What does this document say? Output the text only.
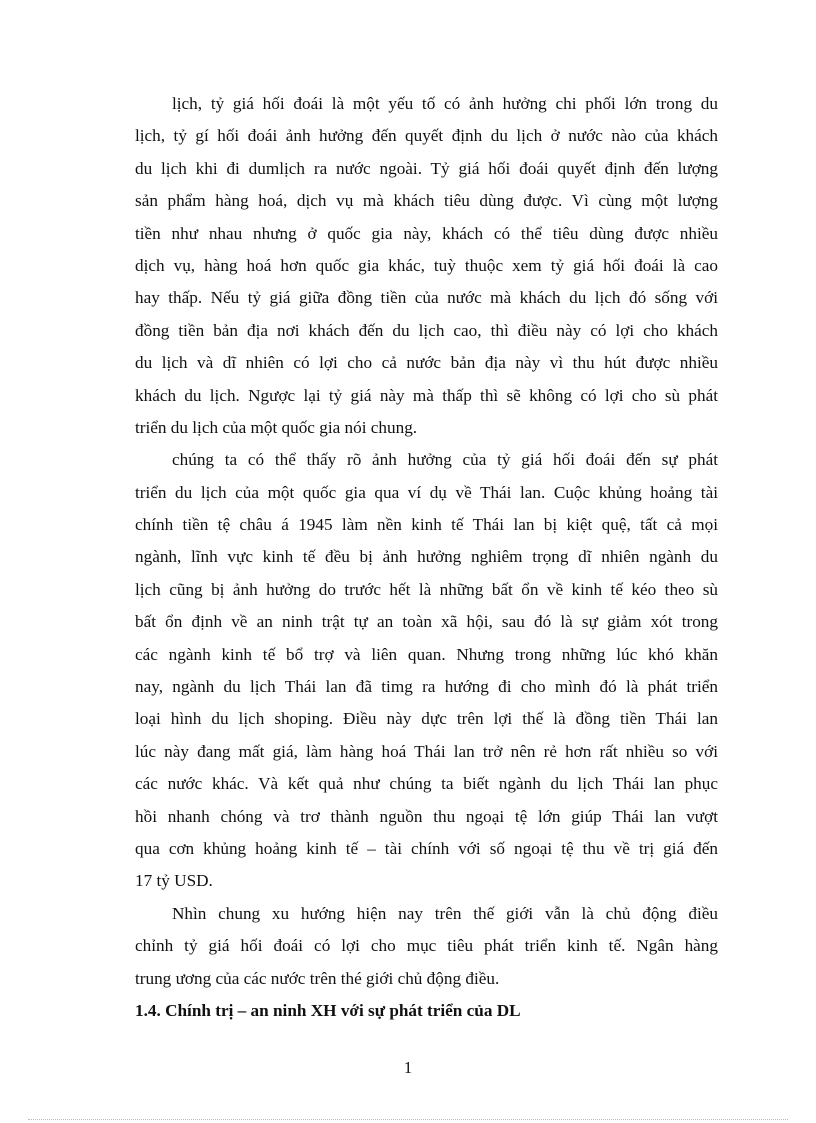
lịch, tỷ giá hối đoái là một yếu tố có ảnh hưởng chi phối lớn trong du
lịch, tỷ gí hối đoái ảnh hưởng đến quyết định du lịch ở nước nào của khách
du lịch khi đi dumlịch ra nước ngoài. Tỷ giá hối đoái quyết định đến lượng
sản phẩm hàng hoá, dịch vụ mà khách tiêu dùng được. Vì cùng một lượng
tiền như nhau nhưng ở quốc gia này, khách có thể tiêu dùng được nhiều
dịch vụ, hàng hoá hơn quốc gia khác, tuỳ thuộc xem tỷ giá hối đoái là cao
hay thấp. Nếu tỷ giá giữa đồng tiền của nước mà khách du lịch đó sống với
đồng tiền bản địa nơi khách đến du lịch cao, thì điều này có lợi cho khách
du lịch và dĩ nhiên có lợi cho cả nước bản địa này vì thu hút được nhiều
khách du lịch. Ngược lại tỷ giá này mà thấp thì sẽ không có lợi cho sù phát
triển du lịch của một quốc gia nói chung.
chúng ta có thể thấy rõ ảnh hưởng của tỷ giá hối đoái đến sự phát
triển du lịch của một quốc gia qua ví dụ về Thái lan. Cuộc khủng hoảng tài
chính tiền tệ châu á 1945 làm nền kinh tế Thái lan bị kiệt quệ, tất cả mọi
ngành, lĩnh vực kinh tế đều bị ảnh hưởng nghiêm trọng dĩ nhiên ngành du
lịch cũng bị ảnh hưởng do trước hết là những bất ổn về kinh tế kéo theo sù
bất ổn định về an ninh trật tự an toàn xã hội, sau đó là sự giảm xót trong
các ngành kinh tế bổ trợ và liên quan. Nhưng trong những lúc khó khăn
nay, ngành du lịch Thái lan đã timg ra hướng đi cho mình đó là phát triển
loại hình du lịch shoping. Điều này dực trên lợi thế là đồng tiền Thái lan
lúc này đang mất giá, làm hàng hoá Thái lan trở nên rẻ hơn rất nhiều so với
các nước khác. Và kết quả như chúng ta biết ngành du lịch Thái lan phục
hồi nhanh chóng và trơ thành nguồn thu ngoại tệ lớn giúp Thái lan vượt
qua cơn khủng hoảng kinh tế – tài chính với số ngoại tệ thu về trị giá đến
17 tỷ USD.
Nhìn chung xu hướng hiện nay trên thế giới vẫn là chủ động điều
chỉnh tỷ giá hối đoái có lợi cho mục tiêu phát triển kinh tế. Ngân hàng
trung ương của các nước trên thé giới chủ động điều.
1.4. Chính trị – an ninh XH với sự phát triển của DL
1
